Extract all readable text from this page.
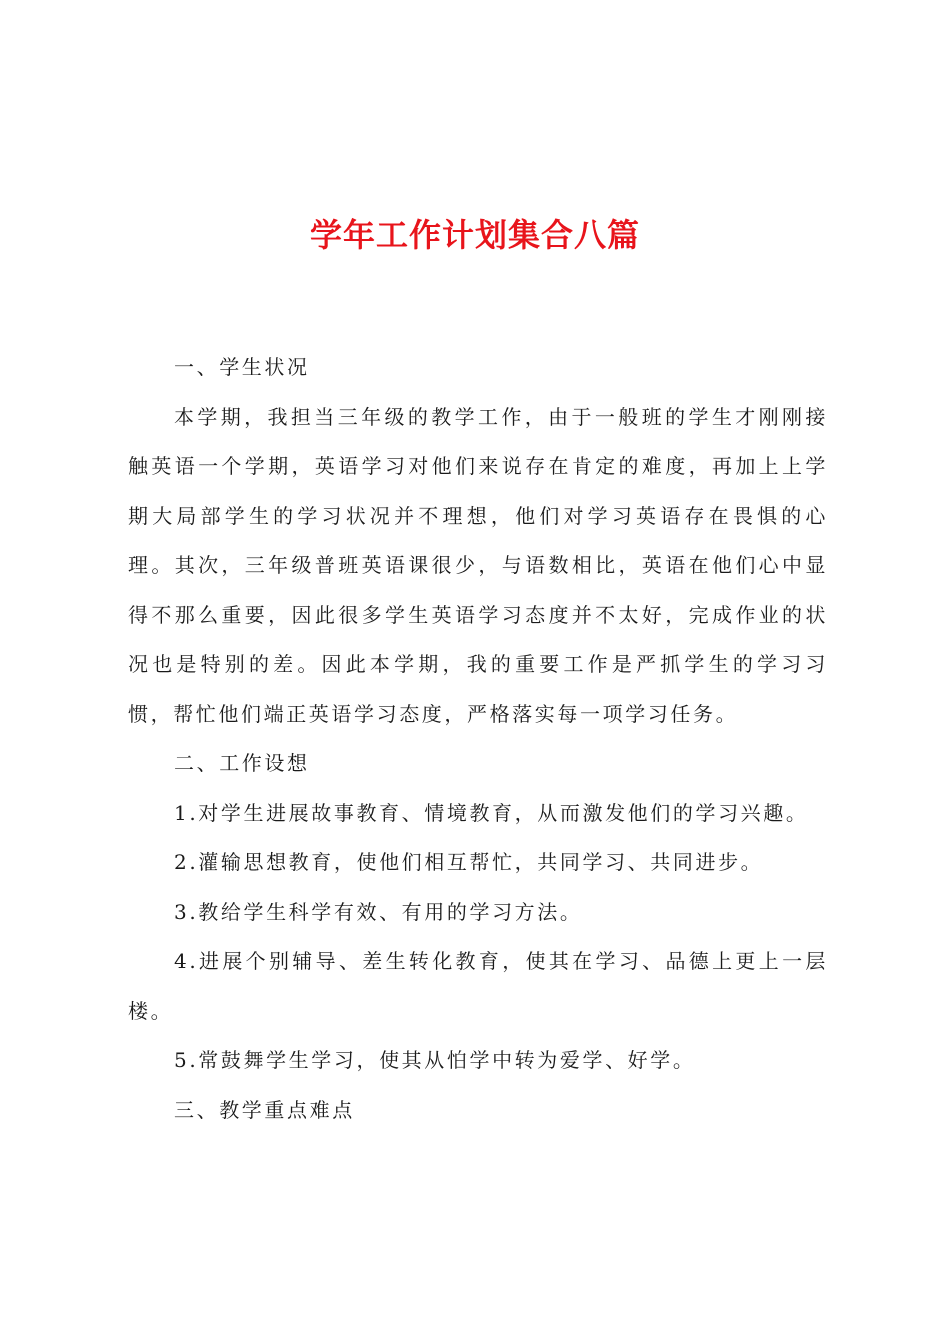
学年工作计划集合八篇

一、学生状况

本学期，我担当三年级的教学工作，由于一般班的学生才刚刚接触英语一个学期，英语学习对他们来说存在肯定的难度，再加上上学期大局部学生的学习状况并不理想，他们对学习英语存在畏惧的心理。其次，三年级普班英语课很少，与语数相比，英语在他们心中显得不那么重要，因此很多学生英语学习态度并不太好，完成作业的状况也是特别的差。因此本学期，我的重要工作是严抓学生的学习习惯，帮忙他们端正英语学习态度，严格落实每一项学习任务。

二、工作设想

1.对学生进展故事教育、情境教育，从而激发他们的学习兴趣。

2.灌输思想教育，使他们相互帮忙，共同学习、共同进步。

3.教给学生科学有效、有用的学习方法。

4.进展个别辅导、差生转化教育，使其在学习、品德上更上一层楼。

5.常鼓舞学生学习，使其从怕学中转为爱学、好学。

三、教学重点难点
